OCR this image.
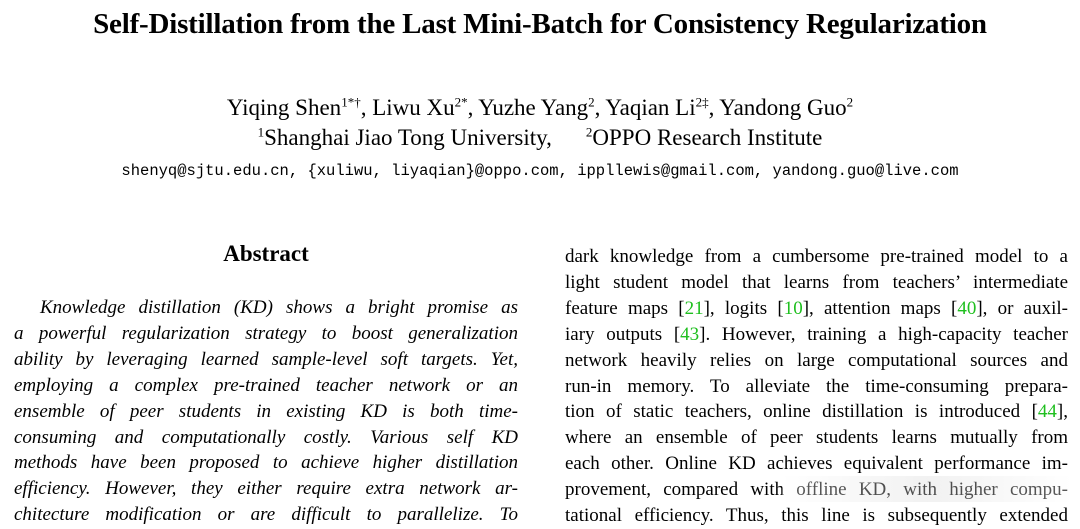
Self-Distillation from the Last Mini-Batch for Consistency Regularization
Yiqing Shen$^{1*\dagger}$, Liwu $Xu^{2*}$, Yuzhe Yang$^2$, Yaqian $Li^{2\ddagger}$, Yandong Guo$^2$
$^1$Shanghai Jiao Tong University,	$^2$OPPO Research Institute
shenyq@sjtu.edu.cn, {xuliwu, liyaqian}@oppo.com, ippllewis@gmail.com, yandong.guo@live.com
Abstract
Knowledge distillation (KD) shows a bright promise as
a powerful regularization strategy to boost generalization
ability by leveraging learned sample-level soft targets. Yet,
employing a complex pre-trained teacher network or an
ensemble of peer students in existing KD is both time-
consuming and computationally costly. Various self KD
methods have been proposed to achieve higher distillation
efficiency. However, they either require extra network ar-
chitecture modification or are difficult to parallelize. To
dark knowledge from a cumbersome pre-trained model to a
light student model that learns from teachers’ intermediate
feature maps [21], logits [10], attention maps [40], or auxil-
iary outputs [43]. However, training a high-capacity teacher
network heavily relies on large computational sources and
run-in memory. To alleviate the time-consuming prepara-
tion of static teachers, online distillation is introduced [44],
where an ensemble of peer students learns mutually from
each other. Online KD achieves equivalent performance im-
provement, compared with offline KD, with higher compu-
tational efficiency. Thus, this line is subsequently extended
